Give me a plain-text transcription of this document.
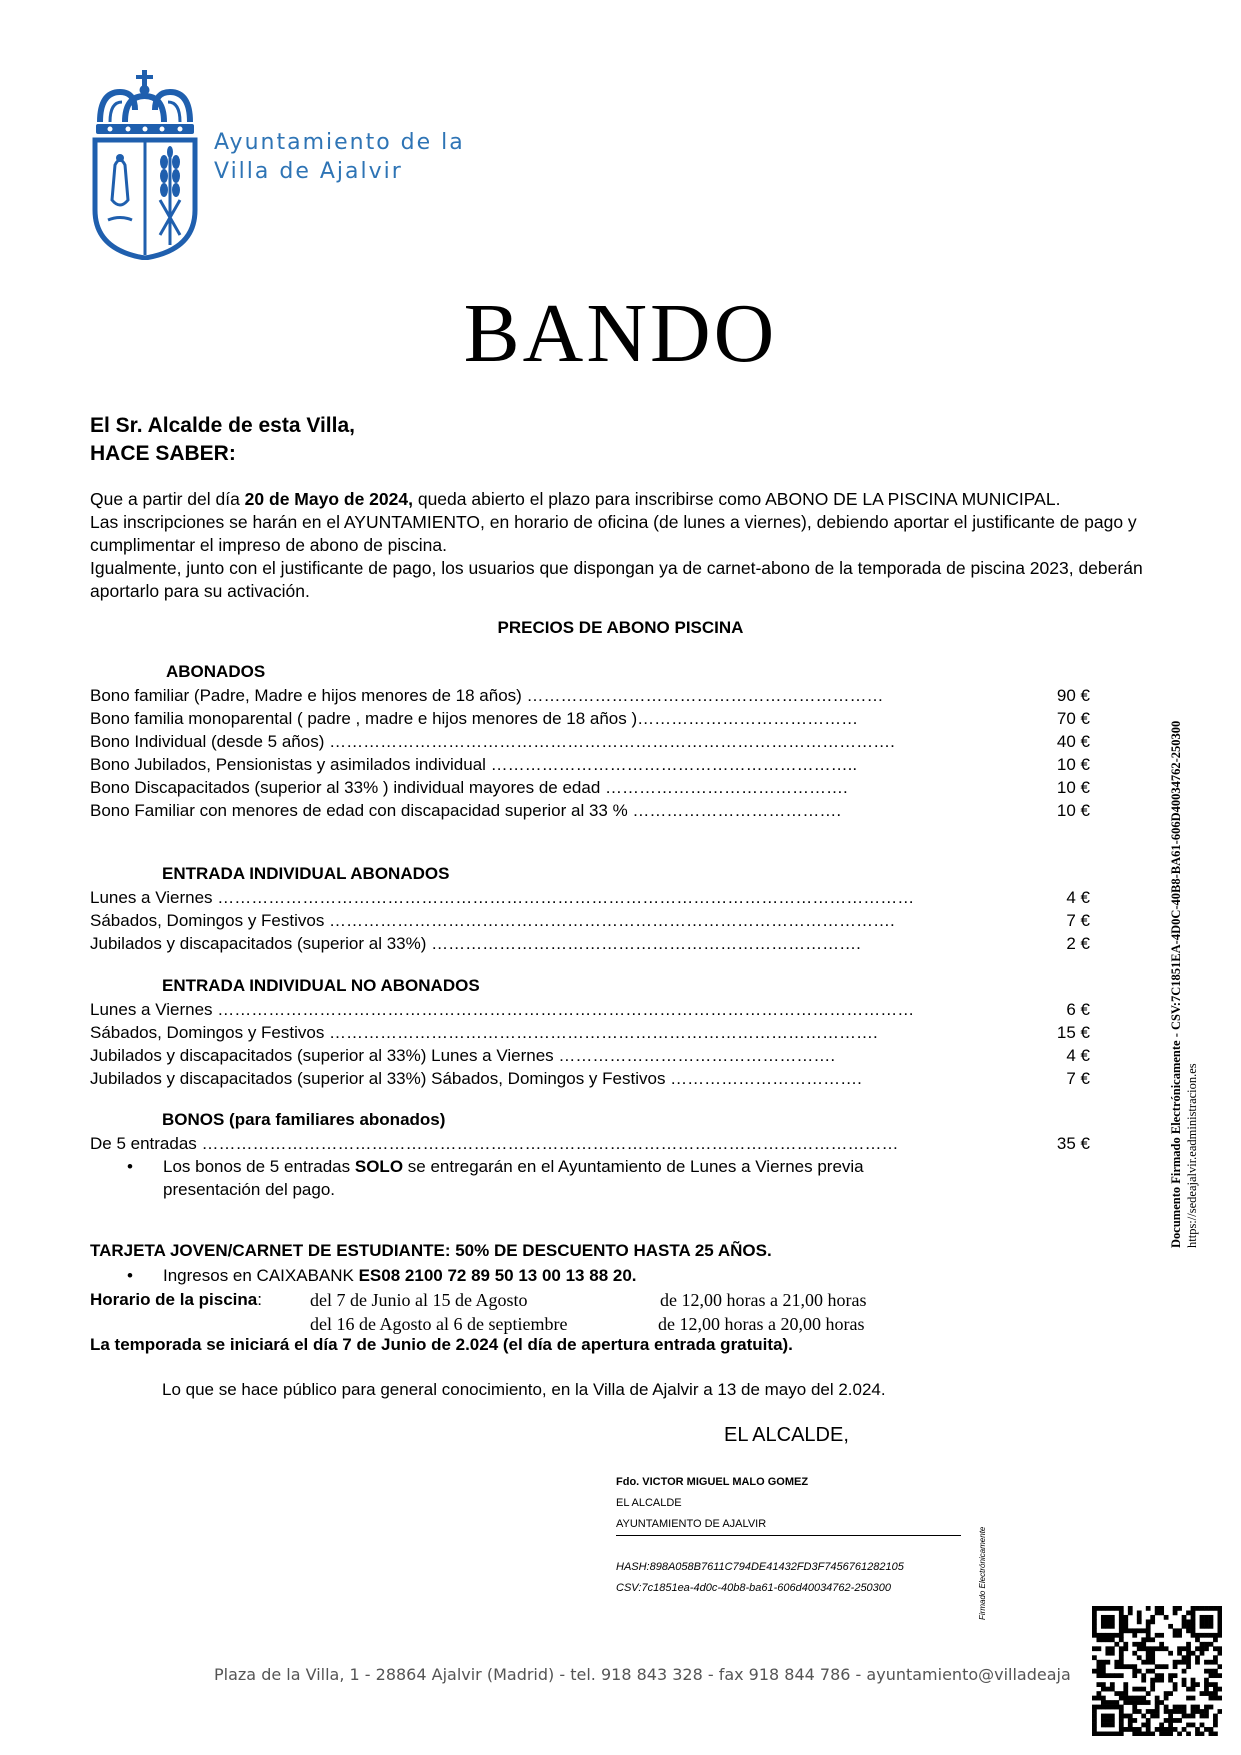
Ayuntamiento de la
Villa de Ajalvir
BANDO
El Sr. Alcalde de esta Villa,
HACE SABER:

Que a partir del día 20 de Mayo de 2024, queda abierto el plazo para inscribirse como ABONO DE LA PISCINA MUNICIPAL.

Las inscripciones se harán en el AYUNTAMIENTO, en horario de oficina (de lunes a viernes), debiendo aportar el justificante de pago y cumplimentar el impreso de abono de piscina.

Igualmente, junto con el justificante de pago, los usuarios que dispongan ya de carnet-abono de la temporada de piscina 2023, deberán aportarlo para su activación.

PRECIOS DE ABONO PISCINA
ABONADOS
ENTRADA INDIVIDUAL ABONADOS
ENTRADA INDIVIDUAL NO ABONADOS
BONOS (para familiares abonados)
• Los bonos de 5 entradas SOLO se entregarán en el Ayuntamiento de Lunes a Viernes previa
presentación del pago.
TARJETA JOVEN/CARNET DE ESTUDIANTE: 50% DE DESCUENTO HASTA 25 AÑOS.
• Ingresos en CAIXABANK ES08 2100 72 89 50 13 00 13 88 20.
Horario de la piscina:	del 7 de Junio al 15 de Agosto	de 12,00 horas a 21,00 horas
del 16 de Agosto al 6 de septiembre	de 12,00 horas a 20,00 horas
La temporada se iniciará el día 7 de Junio de 2.024 (el día de apertura entrada gratuita).
Lo que se hace público para general conocimiento, en la Villa de Ajalvir a 13 de mayo del 2.024.
EL ALCALDE,
Fdo. VICTOR MIGUEL MALO GOMEZ
EL ALCALDE
AYUNTAMIENTO DE AJALVIR
HASH:898A058B7611C794DE41432FD3F7456761282105
CSV:7c1851ea-4d0c-40b8-ba61-606d40034762-250300	Firmado Electrónicamente
Documento Firmado Electrónicamente - CSV:7C1851EA-4D0C-40B8-BA61-606D40034762-250300 https://sedeajalvir.eadministracion.es
Plaza de la Villa, 1 - 28864 Ajalvir (Madrid) - tel. 918 843 328 - fax 918 844 786 - ayuntamiento@villadeaja
Bono familiar (Padre, Madre e hijos menores de 18 años) ………………………………………………………	90 €
Bono familia monoparental ( padre , madre e hijos menores de 18 años )…………………………………	70 €
Bono Individual (desde 5 años) ……………………………………………………………………………………….	40 €
Bono Jubilados, Pensionistas y asimilados individual ………………………………………………………..	10 €
Bono Discapacitados (superior al 33% ) individual mayores de edad …………………………………….	10 €
Bono Familiar con menores de edad con discapacidad superior al 33 % ……………………………….	10 €
Lunes a Viernes ……………………………………………………………………………………………………………	4 €
Sábados, Domingos y Festivos ……………………………………………………………………………………….	7 €
Jubilados y discapacitados (superior al 33%) ………………………………………………………………….	2 €
Lunes a Viernes ……………………………………………………………………………………………………………	6 €
Sábados, Domingos y Festivos …………………………………………………………………………………….	15 €
Jubilados y discapacitados (superior al 33%) Lunes a Viernes ………………………………………….	4 €
Jubilados y discapacitados (superior al 33%) Sábados, Domingos y Festivos …………………………….	7 €
De 5 entradas ……………………………………………………………………………………………………………	35 €
